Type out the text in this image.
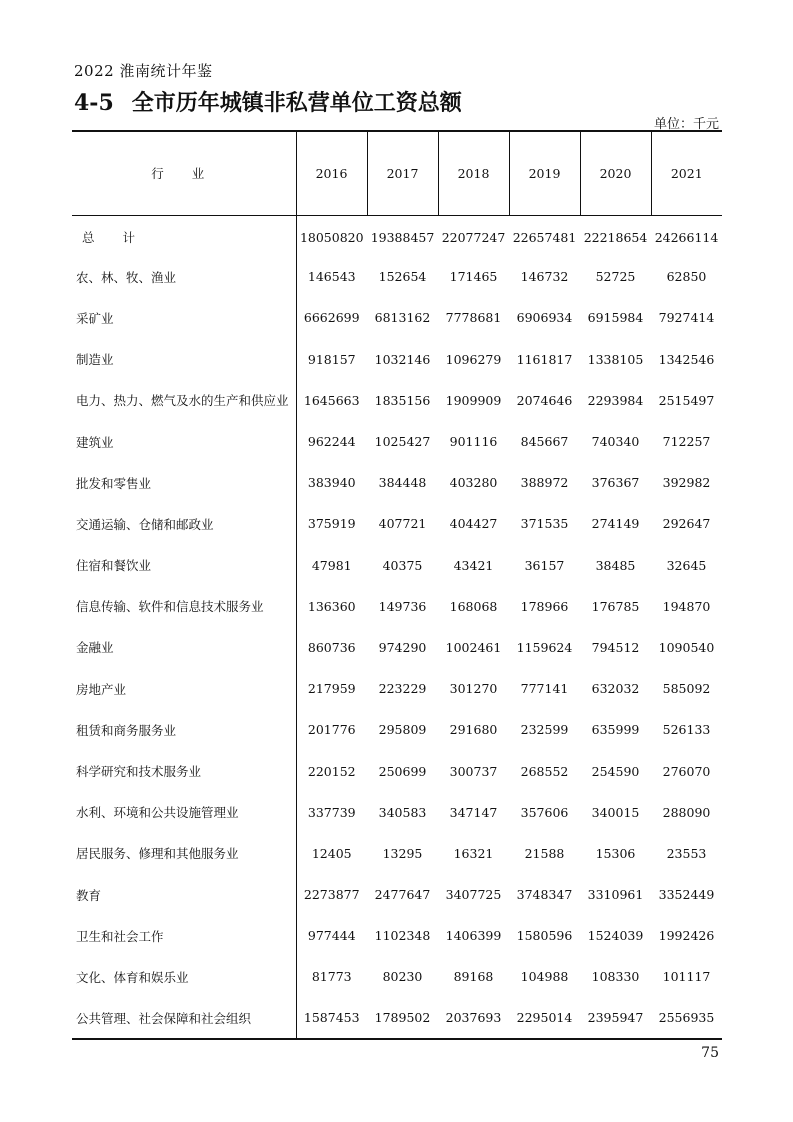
2022 淮南统计年鉴
4-5 全市历年城镇非私营单位工资总额
单位：千元
行 业	2016	2017	2018	2019	2020	2021
总 计	18050820	19388457	22077247	22657481	22218654	24266114
农、林、牧、渔业	146543	152654	171465	146732	52725	62850
采矿业	6662699	6813162	7778681	6906934	6915984	7927414
制造业	918157	1032146	1096279	1161817	1338105	1342546
电力、热力、燃气及水的生产和供应业	1645663	1835156	1909909	2074646	2293984	2515497
建筑业	962244	1025427	901116	845667	740340	712257
批发和零售业	383940	384448	403280	388972	376367	392982
交通运输、仓储和邮政业	375919	407721	404427	371535	274149	292647
住宿和餐饮业	47981	40375	43421	36157	38485	32645
信息传输、软件和信息技术服务业	136360	149736	168068	178966	176785	194870
金融业	860736	974290	1002461	1159624	794512	1090540
房地产业	217959	223229	301270	777141	632032	585092
租赁和商务服务业	201776	295809	291680	232599	635999	526133
科学研究和技术服务业	220152	250699	300737	268552	254590	276070
水利、环境和公共设施管理业	337739	340583	347147	357606	340015	288090
居民服务、修理和其他服务业	12405	13295	16321	21588	15306	23553
教育	2273877	2477647	3407725	3748347	3310961	3352449
卫生和社会工作	977444	1102348	1406399	1580596	1524039	1992426
文化、体育和娱乐业	81773	80230	89168	104988	108330	101117
公共管理、社会保障和社会组织	1587453	1789502	2037693	2295014	2395947	2556935
75
